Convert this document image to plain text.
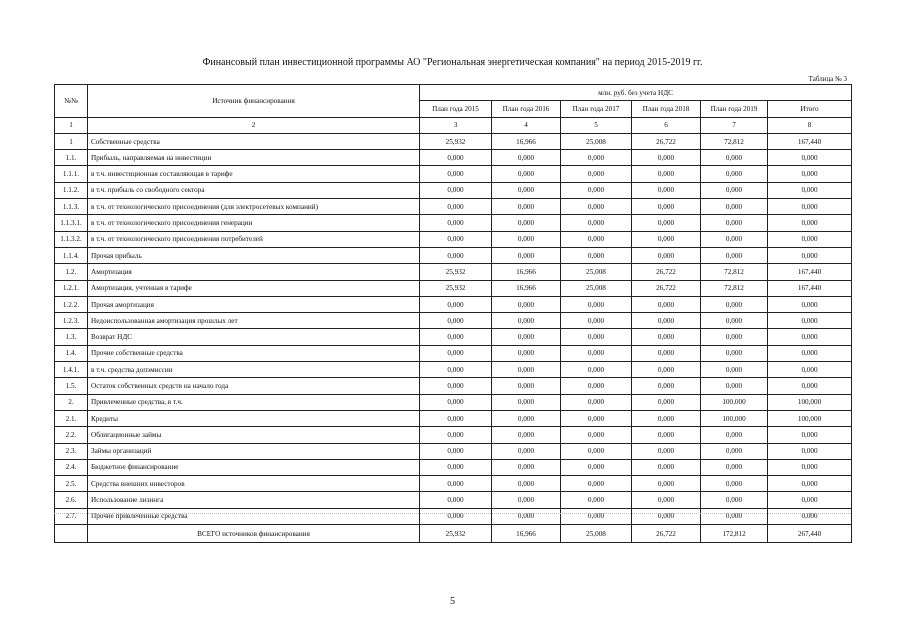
Финансовый план инвестиционной программы АО "Региональная энергетическая компания" на период 2015-2019 гг.
Таблица № 3
№№	Источник финансирования	млн. руб. без учета НДС					
		План года 2015	План года 2016	План года 2017	План года 2018	План года 2019	Итого
1	2	3	4	5	6	7	8
1	Собственные средства	25,932	16,966	25,008	26,722	72,812	167,440
1.1.	Прибыль, направляемая на инвестиции	0,000	0,000	0,000	0,000	0,000	0,000
1.1.1.	в т.ч. инвестиционная составляющая в тарифе	0,000	0,000	0,000	0,000	0,000	0,000
1.1.2.	в т.ч. прибыль со свободного сектора	0,000	0,000	0,000	0,000	0,000	0,000
1.1.3.	в т.ч. от технологического присоединения (для электросетевых компаний)	0,000	0,000	0,000	0,000	0,000	0,000
1.1.3.1.	в т.ч. от технологического присоединения генерации	0,000	0,000	0,000	0,000	0,000	0,000
1.1.3.2.	в т.ч. от технологического присоединения потребителей	0,000	0,000	0,000	0,000	0,000	0,000
1.1.4.	Прочая прибыль	0,000	0,000	0,000	0,000	0,000	0,000
1.2.	Амортизация	25,932	16,966	25,008	26,722	72,812	167,440
1.2.1.	Амортизация, учтенная в тарифе	25,932	16,966	25,008	26,722	72,812	167,440
1.2.2.	Прочая амортизация	0,000	0,000	0,000	0,000	0,000	0,000
1.2.3.	Недоиспользованная амортизация прошлых лет	0,000	0,000	0,000	0,000	0,000	0,000
1.3.	Возврат НДС	0,000	0,000	0,000	0,000	0,000	0,000
1.4.	Прочие собственные средства	0,000	0,000	0,000	0,000	0,000	0,000
1.4.1.	в т.ч. средства допэмиссии	0,000	0,000	0,000	0,000	0,000	0,000
1.5.	Остаток собственных средств на начало года	0,000	0,000	0,000	0,000	0,000	0,000
2.	Привлеченные средства, в т.ч.	0,000	0,000	0,000	0,000	100,000	100,000
2.1.	Кредиты	0,000	0,000	0,000	0,000	100,000	100,000
2.2.	Облигационные займы	0,000	0,000	0,000	0,000	0,000	0,000
2.3.	Займы организаций	0,000	0,000	0,000	0,000	0,000	0,000
2.4.	Бюджетное финансирование	0,000	0,000	0,000	0,000	0,000	0,000
2.5.	Средства внешних инвесторов	0,000	0,000	0,000	0,000	0,000	0,000
2.6.	Использование лизинга	0,000	0,000	0,000	0,000	0,000	0,000
2.7.	Прочие привлеченные средства	0,000	0,000	0,000	0,000	0,000	0,000
	ВСЕГО источников финансирования	25,932	16,966	25,008	26,722	172,812	267,440
5
